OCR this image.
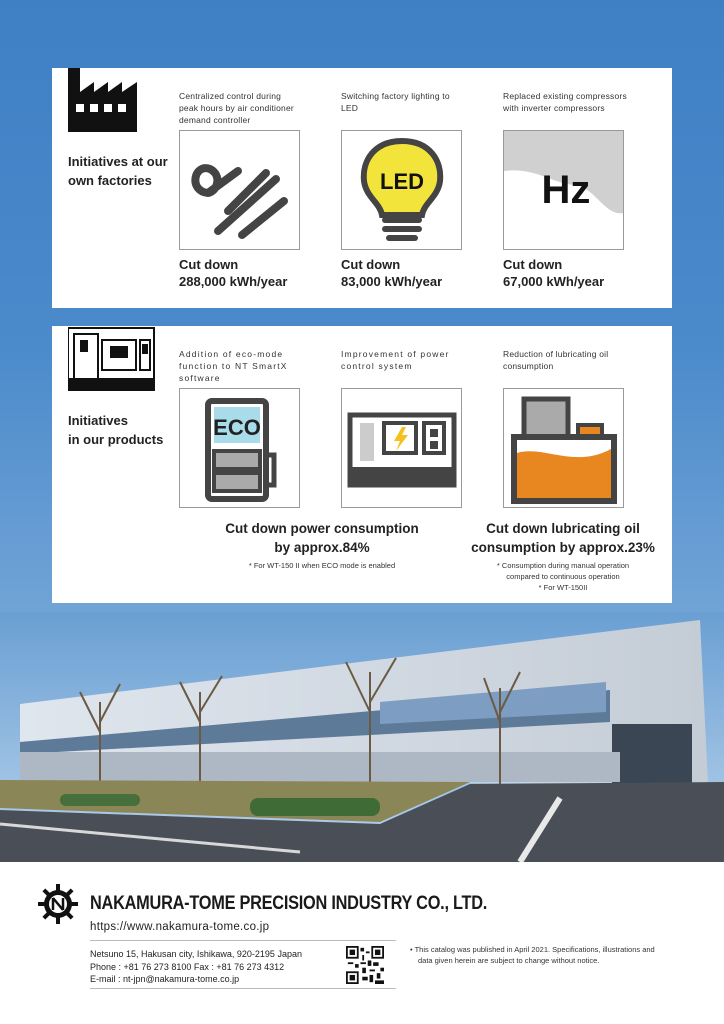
Initiatives at our
own factories
Centralized control during
peak hours by air conditioner
demand controller
Cut down
288,000 kWh/year
Switching factory lighting to
LED
LED
Cut down
83,000 kWh/year
Replaced existing compressors
with inverter compressors
Hz
Cut down
67,000 kWh/year
Initiatives
in our products
Addition of eco-mode
function to NT SmartX
software
ECO
Improvement of power
control system
Reduction of lubricating oil
consumption
Cut down power consumption
by approx.84%
* For WT-150 II when ECO mode is enabled
Cut down lubricating oil
consumption by approx.23%
* Consumption during manual operation
compared to continuous operation
* For WT-150II
NAKAMURA-TOME PRECISION INDUSTRY CO., LTD.
https://www.nakamura-tome.co.jp
Netsuno 15, Hakusan city, Ishikawa, 920-2195 Japan
Phone : +81 76 273 8100 Fax : +81 76 273 4312
E-mail : nt-jpn@nakamura-tome.co.jp
• This catalog was published in April 2021. Specifications, illustrations and
data given herein are subject to change without notice.
